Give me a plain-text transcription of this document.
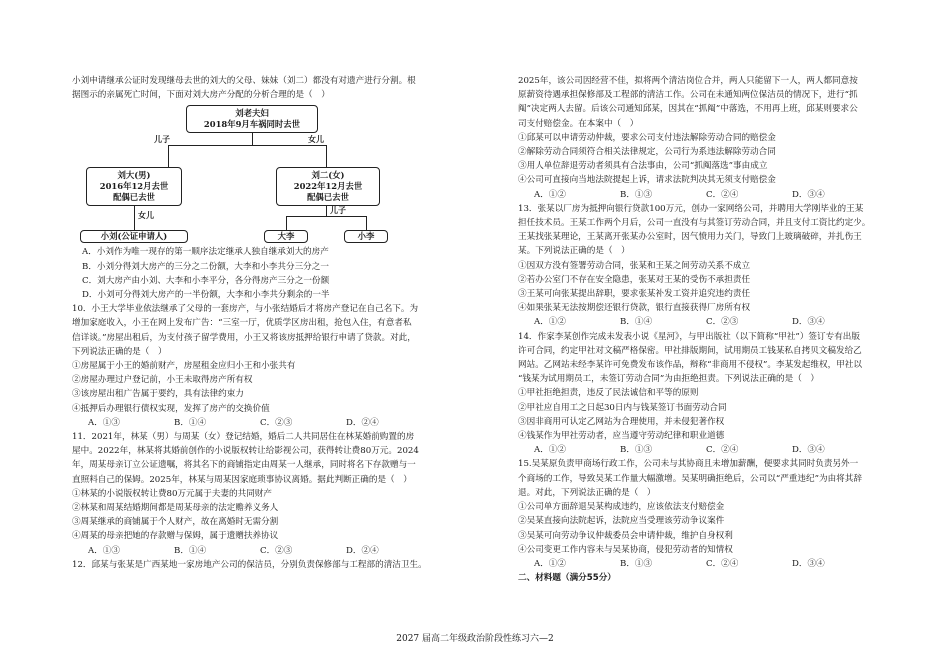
小刘申请继承公证时发现继母去世的刘大的父母、妹妹（刘二）都没有对遗产进行分割。根

据图示的亲属死亡时间，下面对刘大房产分配的分析合理的是（　）

刘老夫妇
2018年9月车祸同时去世
儿子	女儿
刘大(男)
2016年12月去世
配偶已去世
刘二(女)
2022年12月去世
配偶已去世
女儿	儿子
小刘(公证申请人)	大李	小李

A．小刘作为唯一现存的第一顺序法定继承人独自继承刘大的房产

B．小刘分得刘大房产的三分之二份额，大李和小李共分三分之一

C．刘大房产由小刘、大李和小李平分，各分得房产三分之一份额

D．小刘可分得刘大房产的一半份额，大李和小李共分剩余的一半

10．小王大学毕业依法继承了父母的一套房产，与小张结婚后才将房产登记在自己名下。为

增加家庭收入，小王在网上发布广告：“三室一厅，优质学区房出租，抢包入住，有意者私

信详谈。”房屋出租后，为支付孩子留学费用，小王又将该房抵押给银行申请了贷款。对此，

下列说法正确的是（　）

①房屋属于小王的婚前财产，房屋租金应归小王和小张共有

②房屋办理过户登记前，小王未取得房产所有权

③该房屋出租广告属于要约，具有法律约束力

④抵押后办理银行债权实现，发挥了房产的交换价值

A．①③	B．①④	C．②③	D．②④

11．2021年，林某（男）与周某（女）登记结婚，婚后二人共同居住在林某婚前购置的房

屋中。2022年，林某将其婚前创作的小说版权转让给影视公司，获得转让费80万元。2024

年，周某母亲订立公证遗嘱，将其名下的商铺指定由周某一人继承，同时将名下存款赠与一

直照料自己的保姆。2025年，林某与周某因家庭琐事协议离婚。据此判断正确的是（　）

①林某的小说版权转让费80万元属于夫妻的共同财产

②林某和周某结婚期间都是周某母亲的法定赡养义务人

③周某继承的商铺属于个人财产，故在离婚时无需分割

④周某的母亲把她的存款赠与保姆，属于遗赠扶养协议

A．①③	B．①④	C．②③	D．②④

12．邱某与张某是广西某地一家房地产公司的保洁员，分别负责保修部与工程部的清洁卫生。

2025年，该公司因经营不佳，拟将两个清洁岗位合并，两人只能留下一人，两人都同意按

原薪资待遇承担保修部及工程部的清洁工作。公司在未通知两位保洁员的情况下，进行“抓

阄”决定两人去留。后该公司通知邱某，因其在“抓阄”中落选，不用再上班，邱某则要求公

司支付赔偿金。在本案中（　）

①邱某可以申请劳动仲裁，要求公司支付违法解除劳动合同的赔偿金

②解除劳动合同须符合相关法律规定，公司行为系违法解除劳动合同

③用人单位辞退劳动者须具有合法事由，公司“抓阄落选”事由成立

④公司可直接向当地法院提起上诉，请求法院判决其无须支付赔偿金

A．①②	B．①③	C．②④	D．③④

13．张某以厂房为抵押向银行贷款100万元，创办一家网络公司，并聘用大学刚毕业的王某

担任技术员。王某工作两个月后，公司一直没有与其签订劳动合同，并且支付工资比约定少。

王某找张某理论，王某离开张某办公室时，因气愤用力关门，导致门上玻璃破碎，并扎伤王

某。下列说法正确的是（　）

①因双方没有签署劳动合同，张某和王某之间劳动关系不成立

②若办公室门不存在安全隐患，张某对王某的受伤不承担责任

③王某可向张某提出辞职，要求张某补发工资并追究违约责任

④如果张某无法按期偿还银行贷款，银行直接获得厂房所有权

A．①②	B．①④	C．②③	D．③④

14．作家李某创作完成未发表小说《星河》，与甲出版社（以下简称“甲社”）签订专有出版

许可合同，约定甲社对文稿严格保密。甲社排版期间，试用期员工钱某私自拷贝文稿发给乙

网站。乙网站未经李某许可免费发布该作品，辩称“非商用不侵权”。李某发起维权，甲社以

“钱某为试用期员工，未签订劳动合同”为由拒绝担责。下列说法正确的是（　）

①甲社拒绝担责，违反了民法诚信和平等的原则

②甲社应自用工之日起30日内与钱某签订书面劳动合同

③因非商用可认定乙网站为合理使用，并未侵犯著作权

④钱某作为甲社劳动者，应当遵守劳动纪律和职业道德

A．①②	B．①③	C．②④	D．③④

15.吴某原负责甲商场行政工作，公司未与其协商且未增加薪酬，便要求其同时负责另外一

个商场的工作，导致吴某工作量大幅激增。吴某明确拒绝后，公司以“严重违纪”为由将其辞

退。对此，下列说法正确的是（　）

①公司单方面辞退吴某构成违约，应该依法支付赔偿金

②吴某直接向法院起诉，法院应当受理该劳动争议案件

③吴某可向劳动争议仲裁委员会申请仲裁，维护自身权利

④公司变更工作内容未与吴某协商，侵犯劳动者的知情权

A．①②	B．①③	C．②④	D．③④

二、材料题（满分55分）

2027 届高二年级政治阶段性练习六—2
